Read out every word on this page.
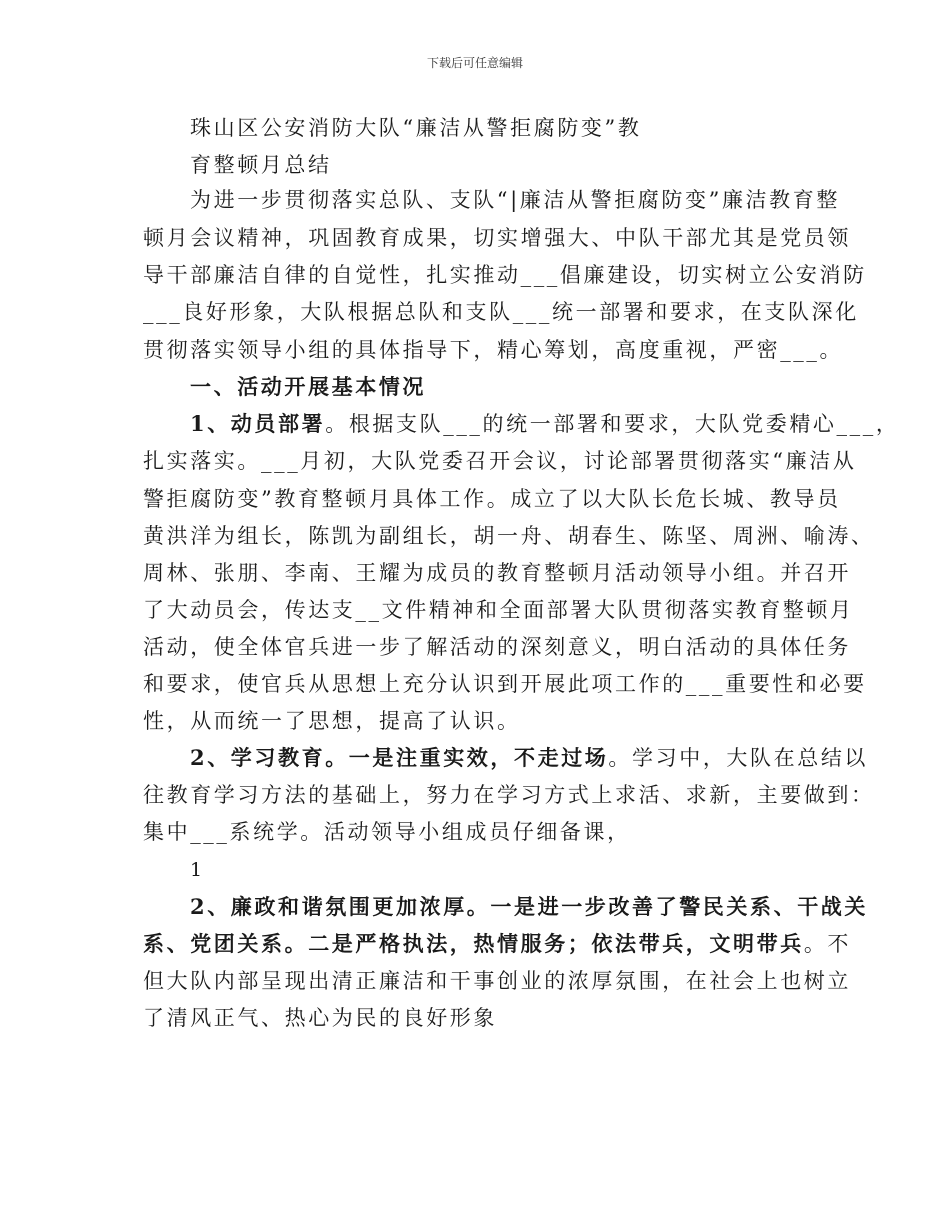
下载后可任意编辑
珠山区公安消防大队“廉洁从警拒腐防变”教
育整顿月总结
为进一步贯彻落实总队、支队“|廉洁从警拒腐防变”廉洁教育整
顿月会议精神，巩固教育成果，切实增强大、中队干部尤其是党员领
导干部廉洁自律的自觉性，扎实推动___倡廉建设，切实树立公安消防
___良好形象，大队根据总队和支队___统一部署和要求，在支队深化
贯彻落实领导小组的具体指导下，精心筹划，高度重视，严密___。
一、活动开展基本情况
1、动员部署。根据支队___的统一部署和要求，大队党委精心___，
扎实落实。___月初，大队党委召开会议，讨论部署贯彻落实“廉洁从
警拒腐防变”教育整顿月具体工作。成立了以大队长危长城、教导员
黄洪洋为组长，陈凯为副组长，胡一舟、胡春生、陈坚、周洲、喻涛、
周林、张朋、李南、王耀为成员的教育整顿月活动领导小组。并召开
了大动员会，传达支__文件精神和全面部署大队贯彻落实教育整顿月
活动，使全体官兵进一步了解活动的深刻意义，明白活动的具体任务
和要求，使官兵从思想上充分认识到开展此项工作的___重要性和必要
性，从而统一了思想，提高了认识。
2、学习教育。一是注重实效，不走过场。学习中，大队在总结以
往教育学习方法的基础上，努力在学习方式上求活、求新，主要做到：
集中___系统学。活动领导小组成员仔细备课，
1
2、廉政和谐氛围更加浓厚。一是进一步改善了警民关系、干战关
系、党团关系。二是严格执法，热情服务；依法带兵，文明带兵。不
但大队内部呈现出清正廉洁和干事创业的浓厚氛围，在社会上也树立
了清风正气、热心为民的良好形象
